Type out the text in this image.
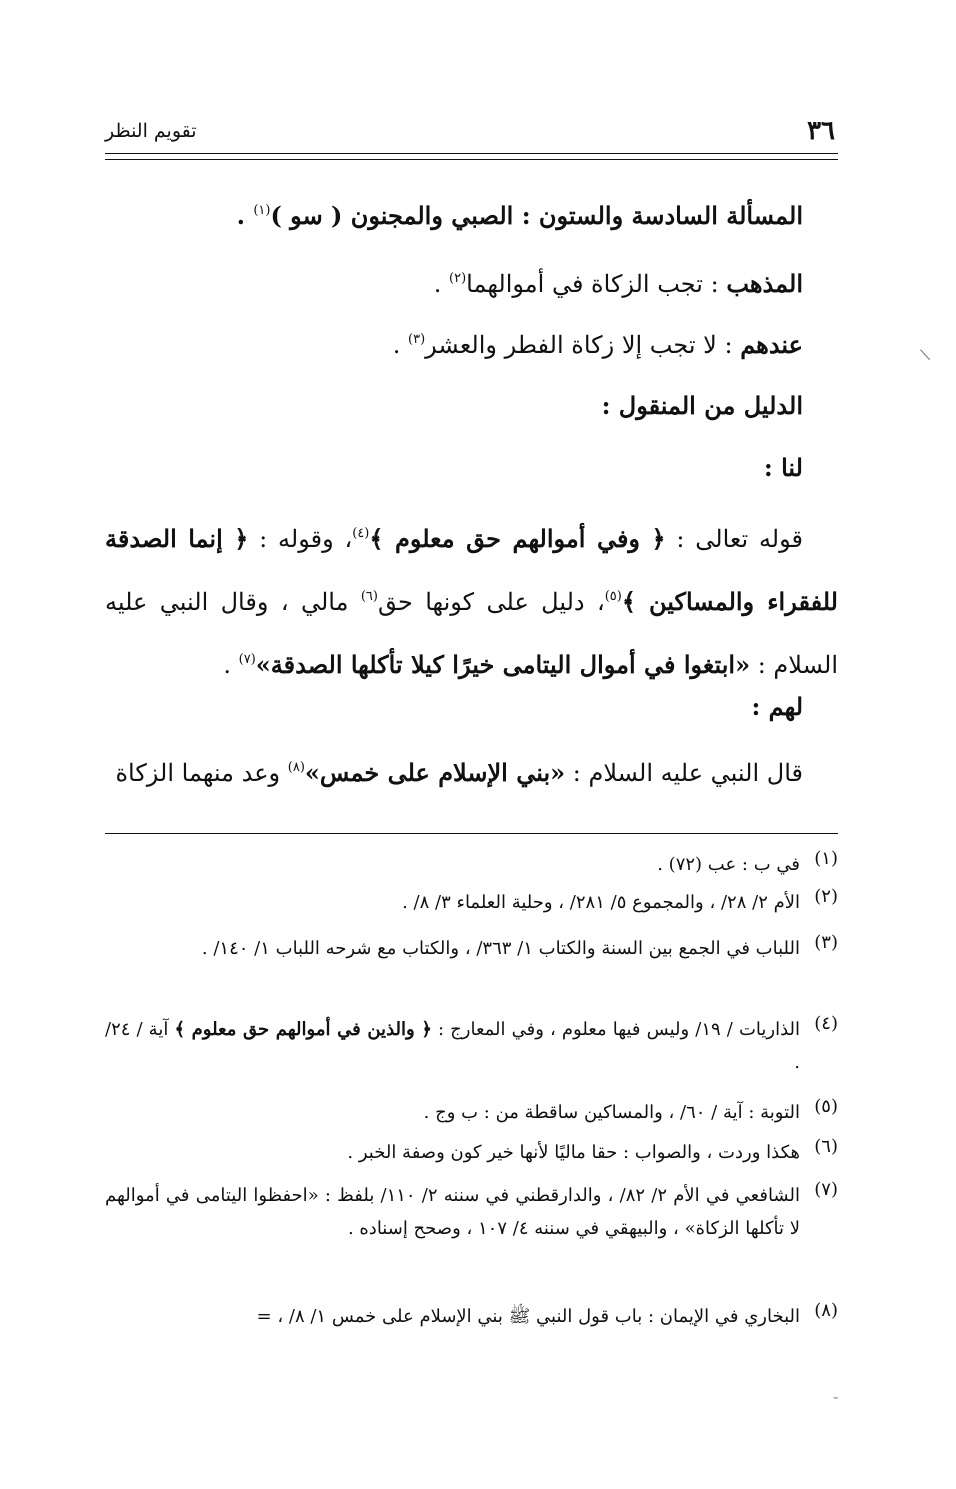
٣٦
تقويم النظر
المسألة السادسة والستون : الصبي والمجنون ( سو )$^{(١)}$ .
المذهب : تجب الزكاة في أموالهما$^{(٢)}$ .
عندهم : لا تجب إلا زكاة الفطر والعشر$^{(٣)}$ .
الدليل من المنقول :
لنا :
قوله تعالى : ﴿ وفي أموالهم حق معلوم ﴾$^{(٤)}$، وقوله : ﴿ إنما الصدقة للفقراء والمساكين ﴾$^{(٥)}$، دليل على كونها حق$^{(٦)}$ مالي ، وقال النبي عليه السلام : «ابتغوا في أموال اليتامى خيرًا كيلا تأكلها الصدقة»$^{(٧)}$ .
لهم :
قال النبي عليه السلام : «بني الإسلام على خمس»$^{(٨)}$ وعد منهما الزكاة
(١)
في ب : عب (٧٢) .
(٢)
الأم ٢/ ٢٨/ ، والمجموع ٥/ ٢٨١/ ، وحلية العلماء ٣/ ٨/ .
(٣)
اللباب في الجمع بين السنة والكتاب ١/ ٣٦٣/ ، والكتاب مع شرحه اللباب ١/ ١٤٠/ .
(٤)
الذاريات / ١٩/ وليس فيها معلوم ، وفي المعارج : ﴿ والذين في أموالهم حق معلوم ﴾ آية / ٢٤/ .
(٥)
التوبة : آية / ٦٠/ ، والمساكين ساقطة من : ب وج .
(٦)
هكذا وردت ، والصواب : حقا ماليًا لأنها خير كون وصفة الخبر .
(٧)
الشافعي في الأم ٢/ ٨٢/ ، والدارقطني في سننه ٢/ ١١٠/ بلفظ : «احفظوا اليتامى في أموالهم لا تأكلها الزكاة» ، والبيهقي في سننه ٤/ ١٠٧ ، وصحح إسناده .
(٨)
البخاري في الإيمان : باب قول النبي ﷺ بني الإسلام على خمس ١/ ٨/ ، =
/
-
